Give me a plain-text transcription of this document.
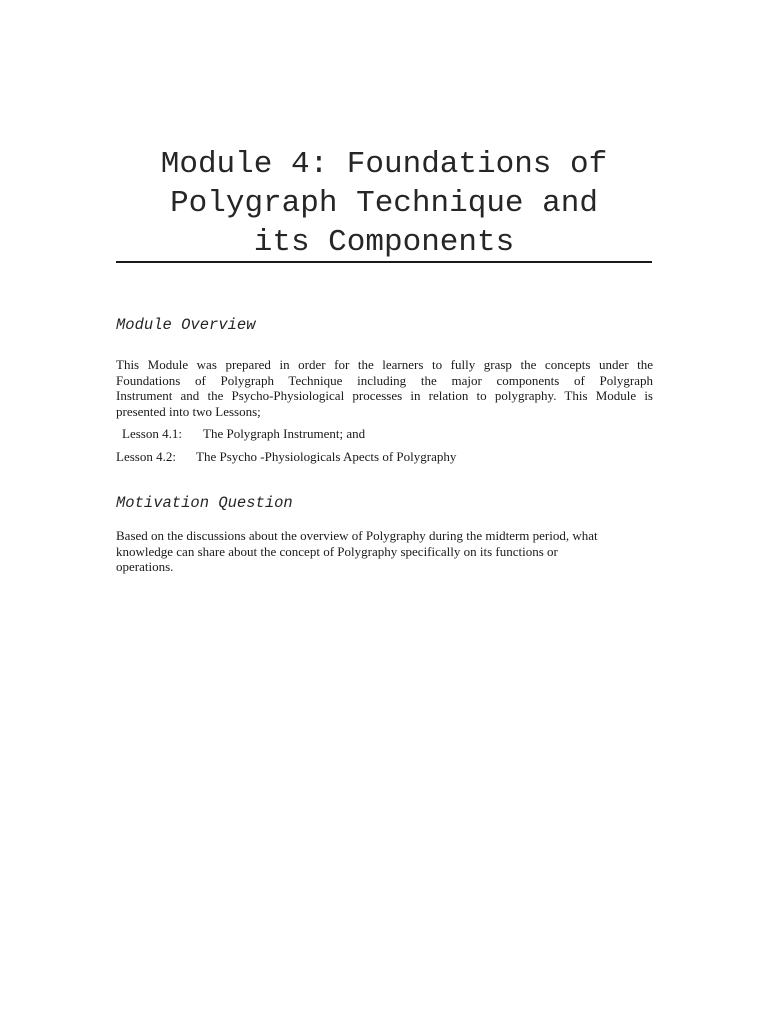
Module 4: Foundations of
Polygraph Technique and
its Components
Module Overview

This Module was prepared in order for the learners to fully grasp the concepts under the
Foundations of Polygraph Technique including the major components of Polygraph
Instrument and the Psycho-Physiological processes in relation to polygraphy. This Module is
presented into two Lessons;

Lesson 4.1: The Polygraph Instrument; and
Lesson 4.2: The Psycho -Physiologicals Apects of Polygraphy
Motivation Question

Based on the discussions about the overview of Polygraphy during the midterm period, what
knowledge can share about the concept of Polygraphy specifically on its functions or
operations.
